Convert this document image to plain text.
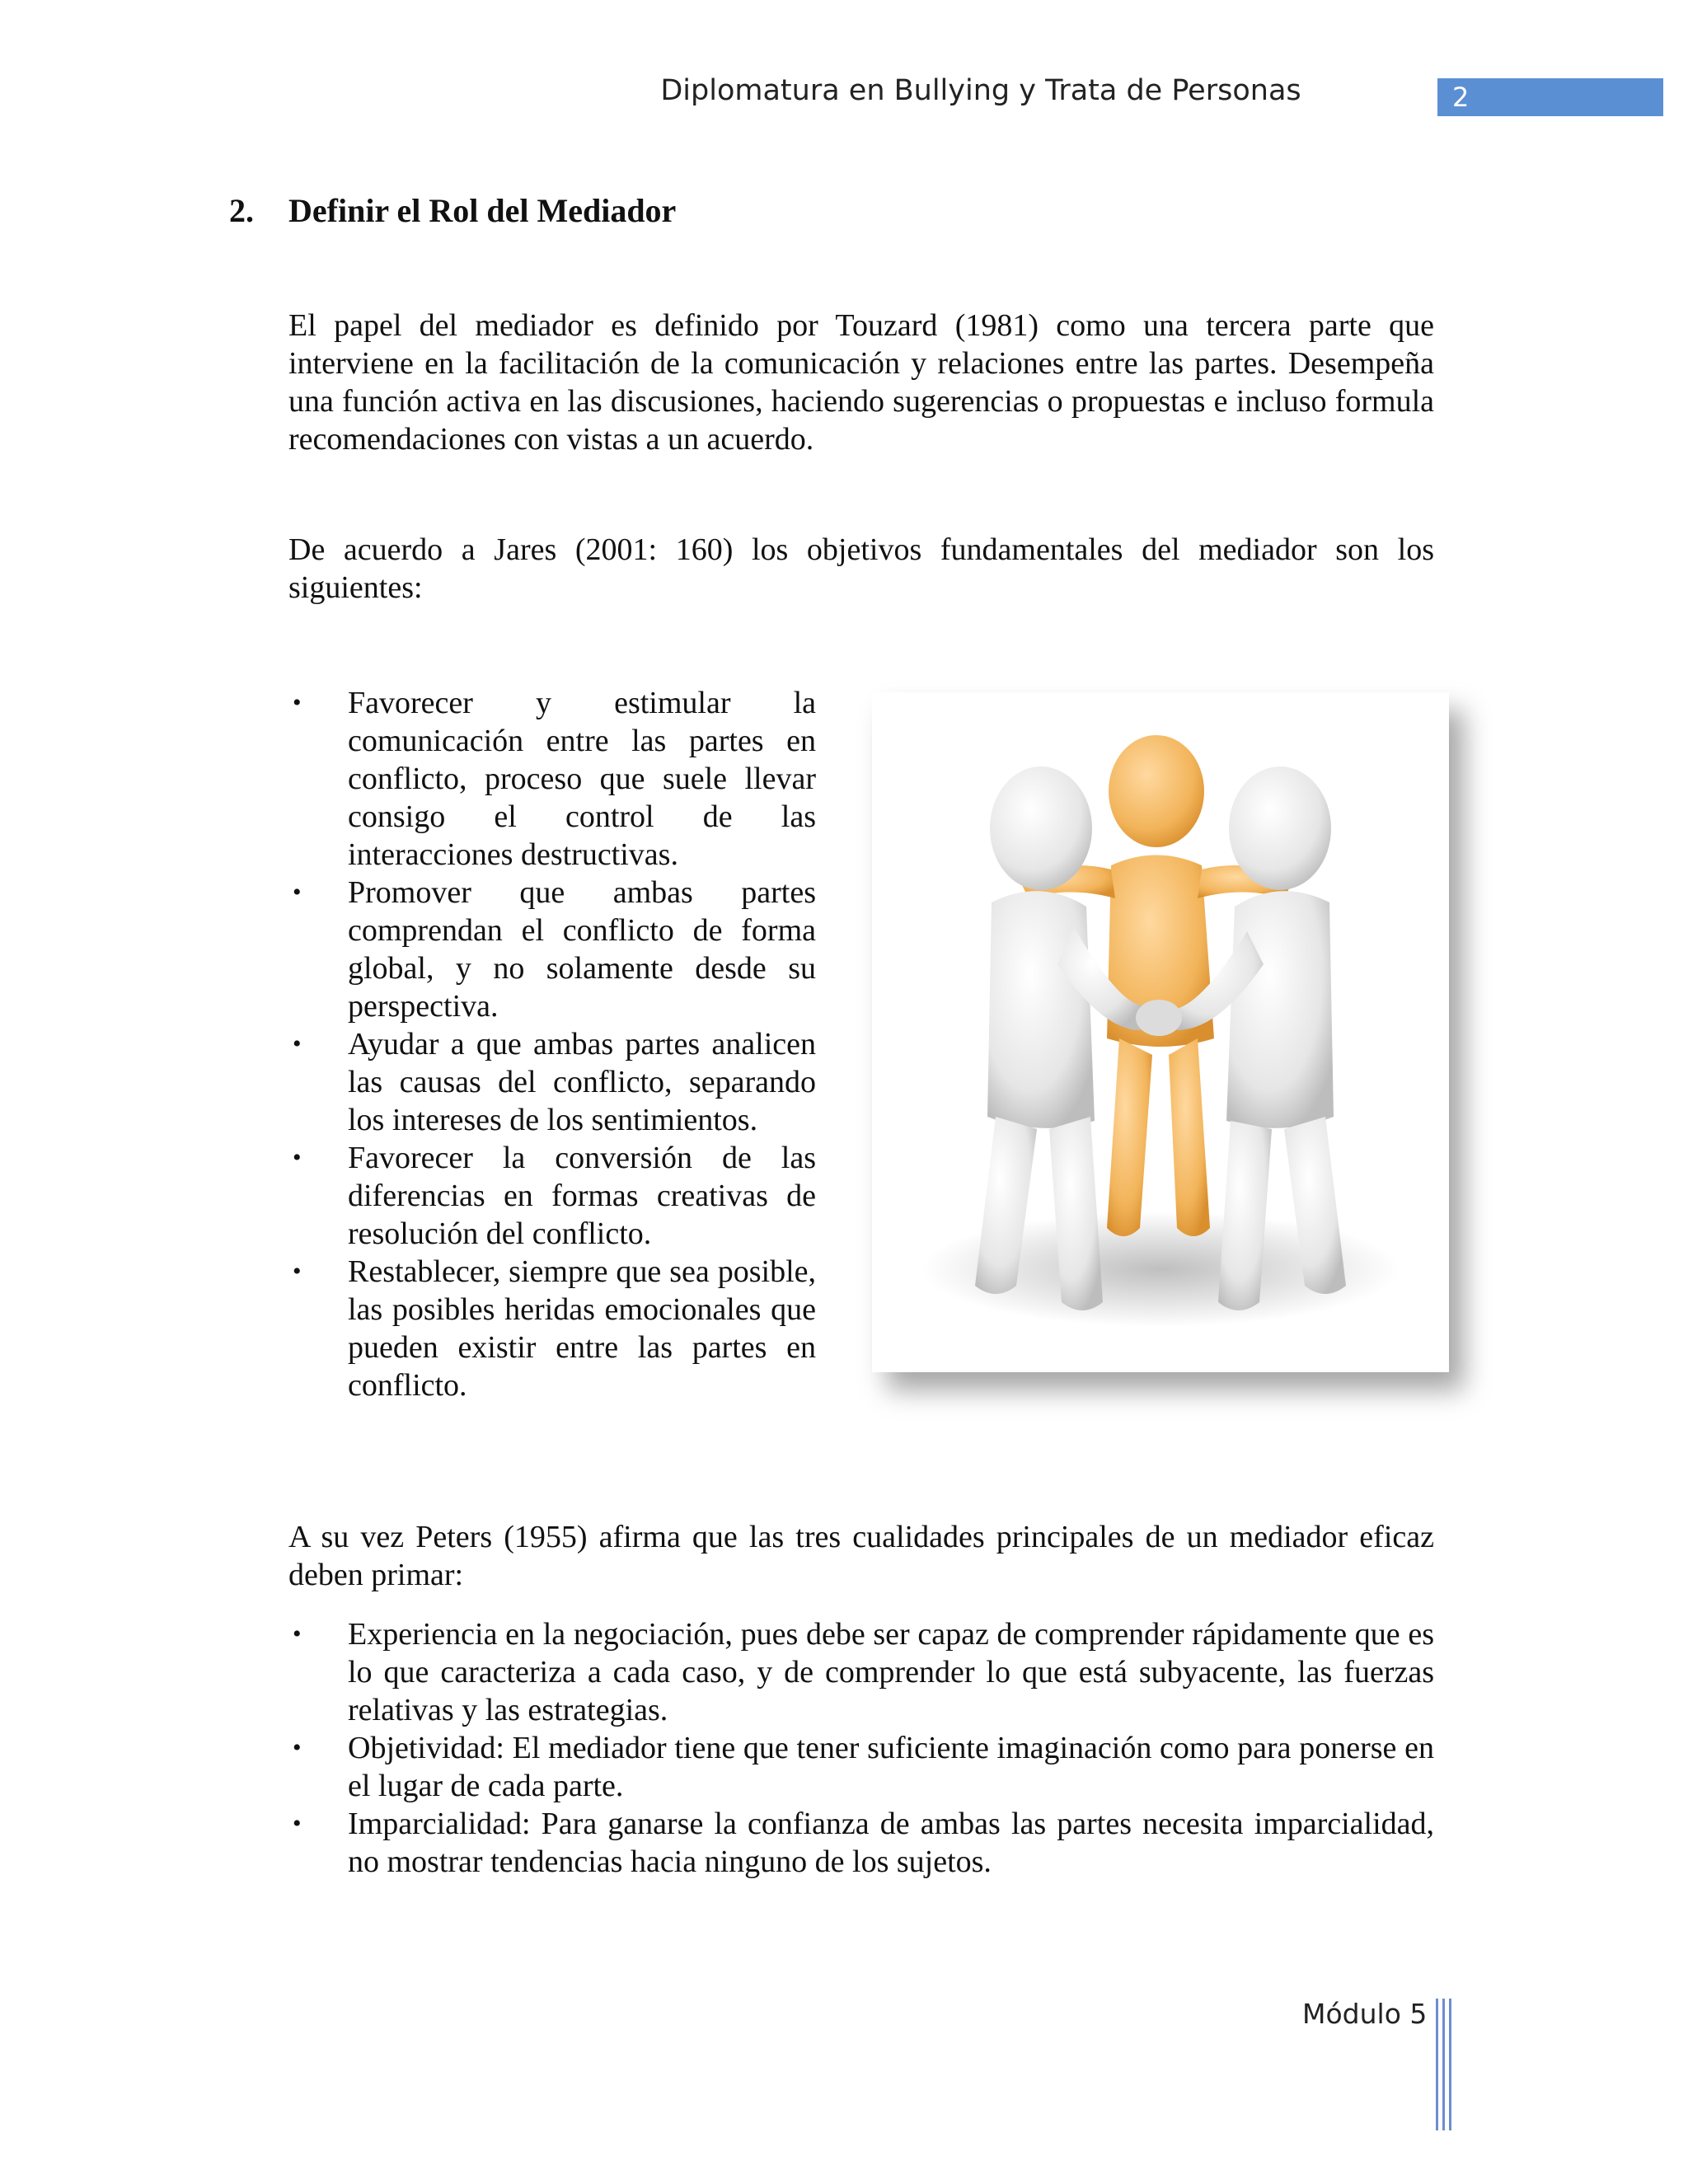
Diplomatura en Bullying y Trata de Personas	2
2. Definir el Rol del Mediador

El papel del mediador es definido por Touzard (1981) como una tercera parte que interviene en la facilitación de la comunicación y relaciones entre las partes. Desempeña una función activa en las discusiones, haciendo sugerencias o propuestas e incluso formula recomendaciones con vistas a un acuerdo.

De acuerdo a Jares (2001: 160) los objetivos fundamentales del mediador son los siguientes:

• Favorecer y estimular la comunicación entre las partes en conflicto, proceso que suele llevar consigo el control de las interacciones destructivas.
• Promover que ambas partes comprendan el conflicto de forma global, y no solamente desde su perspectiva.
• Ayudar a que ambas partes analicen las causas del conflicto, separando los intereses de los sentimientos.
• Favorecer la conversión de las diferencias en formas creativas de resolución del conflicto.
• Restablecer, siempre que sea posible, las posibles heridas emocionales que pueden existir entre las partes en conflicto.

A su vez Peters (1955) afirma que las tres cualidades principales de un mediador eficaz deben primar:

• Experiencia en la negociación, pues debe ser capaz de comprender rápidamente que es lo que caracteriza a cada caso, y de comprender lo que está subyacente, las fuerzas relativas y las estrategias.
• Objetividad: El mediador tiene que tener suficiente imaginación como para ponerse en el lugar de cada parte.
• Imparcialidad: Para ganarse la confianza de ambas las partes necesita imparcialidad, no mostrar tendencias hacia ninguno de los sujetos.
Módulo 5
